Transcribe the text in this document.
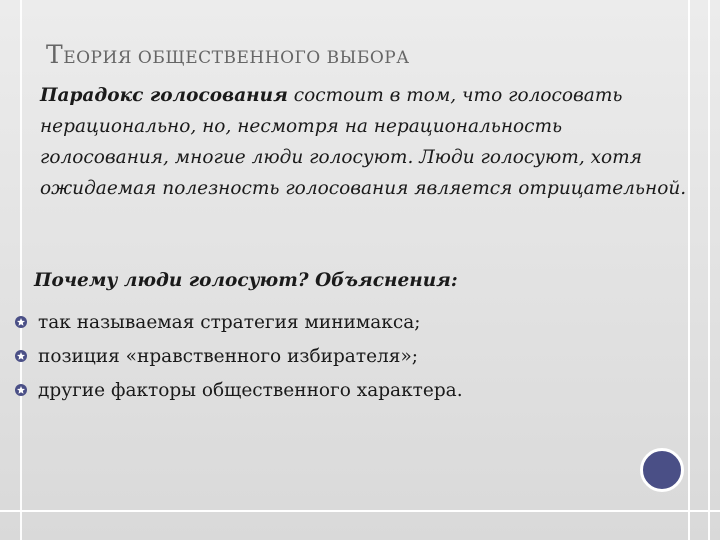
ТЕОРИЯ ОБЩЕСТВЕННОГО ВЫБОРА
Парадокс голосования состоит в том, что голосовать нерационально, но, несмотря на нерациональность голосования, многие люди голосуют. Люди голосуют, хотя ожидаемая полезность голосования является отрицательной.
Почему люди голосуют? Объяснения:
так называемая стратегия минимакса;
позиция «нравственного избирателя»;
другие факторы общественного характера.
